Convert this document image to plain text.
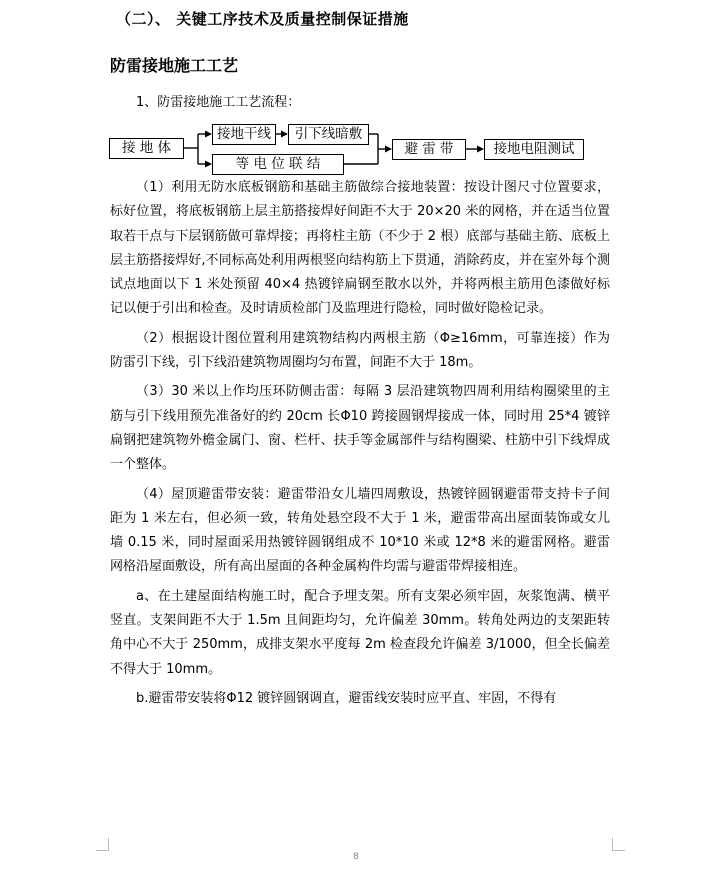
（二）、 关键工序技术及质量控制保证措施
防雷接地施工工艺
1、防雷接地施工工艺流程：
接 地 体
接地干线	引下线暗敷
等 电 位 联 结
避 雷 带	接地电阻测试

（1）利用无防水底板钢筋和基础主筋做综合接地装置：按设计图尺寸位置要求，标好位置，将底板钢筋上层主筋搭接焊好间距不大于 20×20 米的网格，并在适当位置取若干点与下层钢筋做可靠焊接；再将柱主筋（不少于 2 根）底部与基础主筋、底板上层主筋搭接焊好,不同标高处利用两根竖向结构筋上下贯通，消除药皮，并在室外每个测试点地面以下 1 米处预留 40×4 热镀锌扁钢至散水以外，并将两根主筋用色漆做好标记以便于引出和检查。及时请质检部门及监理进行隐检，同时做好隐检记录。

（2）根据设计图位置利用建筑物结构内两根主筋（Φ≥16mm，可靠连接）作为防雷引下线，引下线沿建筑物周圈均匀布置，间距不大于 18m。

（3）30 米以上作均压环防侧击雷：每隔 3 层沿建筑物四周利用结构圈梁里的主筋与引下线用预先准备好的约 20cm 长Φ10 跨接圆钢焊接成一体，同时用 25*4 镀锌扁钢把建筑物外檐金属门、窗、栏杆、扶手等金属部件与结构圈梁、柱筋中引下线焊成一个整体。

（4）屋顶避雷带安装：避雷带沿女儿墙四周敷设，热镀锌圆钢避雷带支持卡子间距为 1 米左右，但必须一致，转角处悬空段不大于 1 米，避雷带高出屋面装饰或女儿墙 0.15 米，同时屋面采用热镀锌圆钢组成不 10*10 米或 12*8 米的避雷网格。避雷网格沿屋面敷设，所有高出屋面的各种金属构件均需与避雷带焊接相连。

a、在土建屋面结构施工时，配合予埋支架。所有支架必须牢固，灰浆饱满、横平竖直。支架间距不大于 1.5m 且间距均匀，允许偏差 30mm。转角处两边的支架距转角中心不大于 250mm，成排支架水平度每 2m 检查段允许偏差 3/1000，但全长偏差不得大于 10mm。

b.避雷带安装将Φ12 镀锌圆钢调直，避雷线安装时应平直、牢固，不得有

8
